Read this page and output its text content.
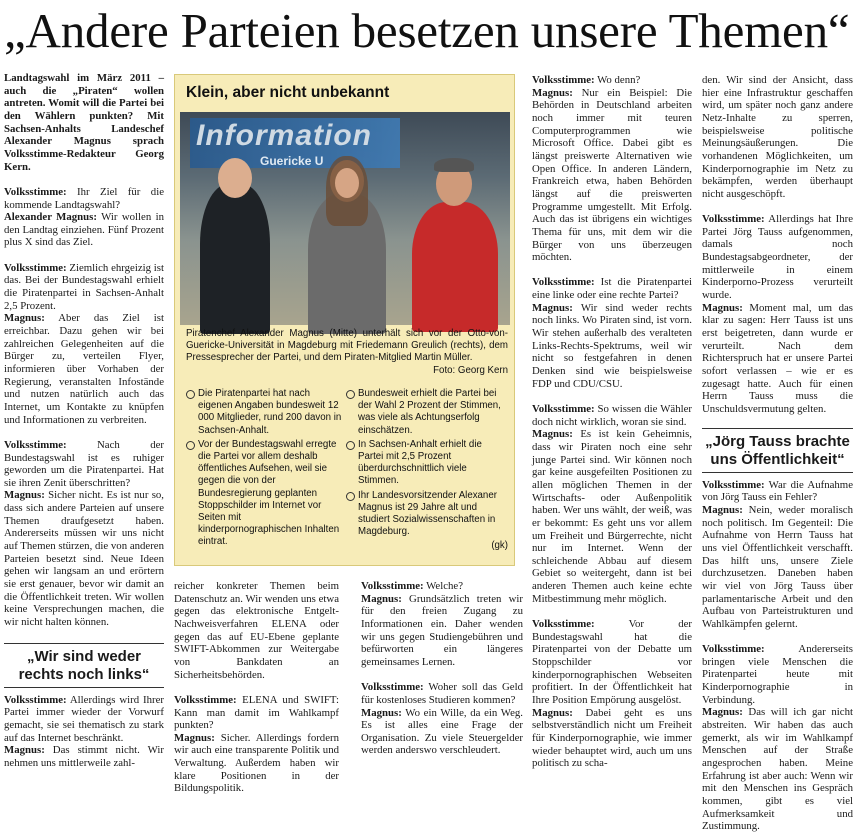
„Andere Parteien besetzen unsere Themen“

Landtagswahl im März 2011 – auch die „Piraten“ wollen antreten. Womit will die Partei bei den Wählern punkten? Mit Sachsen-Anhalts Landeschef Alexander Magnus sprach Volksstimme-Redakteur Georg Kern.

Volksstimme: Ihr Ziel für die kommende Landtagswahl?

Alexander Magnus: Wir wollen in den Landtag einziehen. Fünf Prozent plus X sind das Ziel.

Volksstimme: Ziemlich ehrgeizig ist das. Bei der Bundestagswahl erhielt die Piratenpartei in Sachsen-Anhalt 2,5 Prozent.

Magnus: Aber das Ziel ist erreichbar. Dazu gehen wir bei zahlreichen Gelegenheiten auf die Bürger zu, verteilen Flyer, informieren über Vorhaben der Regierung, veranstalten Infostände und nutzen natürlich auch das Internet, um Kontakte zu knüpfen und Informationen zu verbreiten.

Volksstimme: Nach der Bundestagswahl ist es ruhiger geworden um die Piratenpartei. Hat sie ihren Zenit überschritten?

Magnus: Sicher nicht. Es ist nur so, dass sich andere Parteien auf unsere Themen draufgesetzt haben. Andererseits müssen wir uns nicht auf Themen stürzen, die von anderen Parteien besetzt sind. Neue Ideen gehen wir langsam an und erörtern sie erst genauer, bevor wir damit an die Öffentlichkeit treten. Wir wollen keine Versprechungen machen, die wir nicht halten können.

„Wir sind weder rechts noch links“

Volksstimme: Allerdings wird Ihrer Partei immer wieder der Vorwurf gemacht, sie sei thematisch zu stark auf das Internet beschränkt.

Magnus: Das stimmt nicht. Wir nehmen uns mittlerweile zahl-

Klein, aber nicht unbekannt
Information
Guericke U
Piratenchef Alexander Magnus (Mitte) unterhält sich vor der Otto-von-Guericke-Universität in Magdeburg mit Friedemann Greulich (rechts), dem Pressesprecher der Partei, und dem Piraten-Mitglied Martin Müller.
Foto: Georg Kern
Die Piratenpartei hat nach eigenen Angaben bundesweit 12 000 Mitglieder, rund 200 davon in Sachsen-Anhalt.
Vor der Bundestagswahl erregte die Partei vor allem deshalb öffentliches Aufsehen, weil sie gegen die von der Bundesregierung geplanten Stoppschilder im Internet vor Seiten mit kinderpornographischen Inhalten eintrat.
Bundesweit erhielt die Partei bei der Wahl 2 Prozent der Stimmen, was viele als Achtungserfolg einschätzen.
In Sachsen-Anhalt erhielt die Partei mit 2,5 Prozent überdurchschnittlich viele Stimmen.
Ihr Landesvorsitzender Alexaner Magnus ist 29 Jahre alt und studiert Sozialwissenschaften in Magdeburg.
(gk)

reicher konkreter Themen beim Datenschutz an. Wir wenden uns etwa gegen das elektronische Entgelt-Nachweisverfahren ELENA oder gegen das auf EU-Ebene geplante SWIFT-Abkommen zur Weitergabe von Bankdaten an Sicherheitsbehörden.

Volksstimme: ELENA und SWIFT: Kann man damit im Wahlkampf punkten?

Magnus: Sicher. Allerdings fordern wir auch eine transparente Politik und Verwaltung. Außerdem haben wir klare Positionen in der Bildungspolitik.

Volksstimme: Welche?

Magnus: Grundsätzlich treten wir für den freien Zugang zu Informationen ein. Daher wenden wir uns gegen Studiengebühren und befürworten ein längeres gemeinsames Lernen.

Volksstimme: Woher soll das Geld für kostenloses Studieren kommen?

Magnus: Wo ein Wille, da ein Weg. Es ist alles eine Frage der Organisation. Zu viele Steuergelder werden anderswo verschleudert.

Volksstimme: Wo denn?

Magnus: Nur ein Beispiel: Die Behörden in Deutschland arbeiten noch immer mit teuren Computerprogrammen wie Microsoft Office. Dabei gibt es längst preiswerte Alternativen wie Open Office. In anderen Ländern, Frankreich etwa, haben Behörden längst auf die preiswerten Programme umgestellt. Mit Erfolg. Auch das ist übrigens ein wichtiges Thema für uns, mit dem wir die Bürger von uns überzeugen möchten.

Volksstimme: Ist die Piratenpartei eine linke oder eine rechte Partei?

Magnus: Wir sind weder rechts noch links. Wo Piraten sind, ist vorn. Wir stehen außerhalb des veralteten Links-Rechts-Spektrums, weil wir nicht so festgefahren in denen Denken sind wie beispielsweise FDP und CDU/CSU.

Volksstimme: So wissen die Wähler doch nicht wirklich, woran sie sind.

Magnus: Es ist kein Geheimnis, dass wir Piraten noch eine sehr junge Partei sind. Wir können noch gar keine ausgefeilten Positionen zu allen möglichen Themen in der Wirtschafts- oder Außenpolitik haben. Wer uns wählt, der weiß, was er bekommt: Es geht uns vor allem um Freiheit und Bürgerrechte, nicht nur im Internet. Wenn der schleichende Abbau auf diesem Gebiet so weitergeht, dann ist bei anderen Themen auch keine echte Mitbestimmung mehr möglich.

Volksstimme: Vor der Bundestagswahl hat die Piratenpartei von der Debatte um Stoppschilder vor kinderpornographischen Webseiten profitiert. In der Öffentlichkeit hat Ihre Position Empörung ausgelöst.

Magnus: Dabei geht es uns selbstverständlich nicht um Freiheit für Kinderpornographie, wie immer wieder behauptet wird, auch um uns politisch zu scha-

den. Wir sind der Ansicht, dass hier eine Infrastruktur geschaffen wird, um später noch ganz andere Netz-Inhalte zu sperren, beispielsweise politische Meinungsäußerungen. Die vorhandenen Möglichkeiten, um Kinderpornographie im Netz zu bekämpfen, werden überhaupt nicht ausgeschöpft.

Volksstimme: Allerdings hat Ihre Partei Jörg Tauss aufgenommen, damals noch Bundestagsabgeordneter, der mittlerweile in einem Kinderporno-Prozess verurteilt wurde.

Magnus: Moment mal, um das klar zu sagen: Herr Tauss ist uns erst beigetreten, dann wurde er verurteilt. Nach dem Richterspruch hat er unsere Partei sofort verlassen – wie er es zugesagt hatte. Auch für einen Herrn Tauss muss die Unschuldsvermutung gelten.

„Jörg Tauss brachte uns Öffentlichkeit“

Volksstimme: War die Aufnahme von Jörg Tauss ein Fehler?

Magnus: Nein, weder moralisch noch politisch. Im Gegenteil: Die Aufnahme von Herrn Tauss hat uns viel Öffentlichkeit verschafft. Das hilft uns, unsere Ziele durchzusetzen. Daneben haben wir viel von Jörg Tauss über parlamentarische Arbeit und den Aufbau von Parteistrukturen und Wahlkämpfen gelernt.

Volksstimme: Andererseits bringen viele Menschen die Piratenpartei heute mit Kinderpornographie in Verbindung.

Magnus: Das will ich gar nicht abstreiten. Wir haben das auch gemerkt, als wir im Wahlkampf Menschen auf der Straße angesprochen haben. Meine Erfahrung ist aber auch: Wenn wir mit den Menschen ins Gespräch kommen, gibt es viel Aufmerksamkeit und Zustimmung.
